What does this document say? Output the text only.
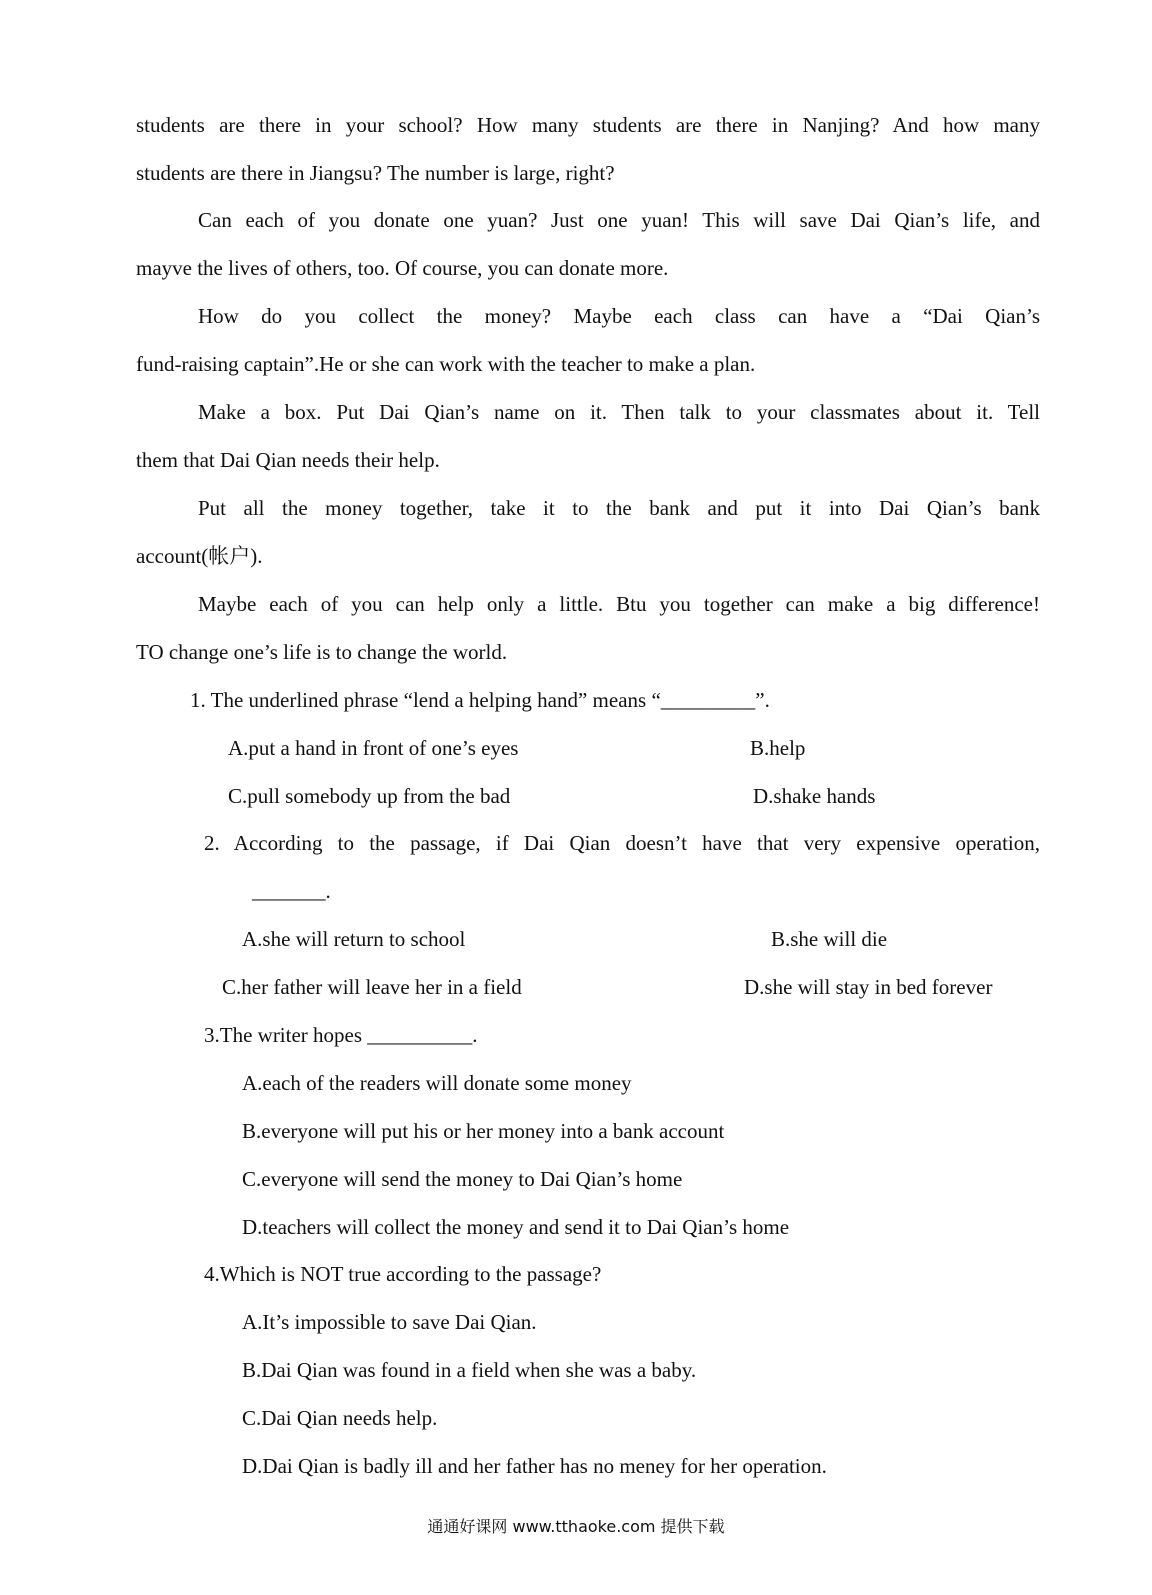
students are there in your school? How many students are there in Nanjing? And how many
students are there in Jiangsu? The number is large, right?
Can each of you donate one yuan? Just one yuan! This will save Dai Qian’s life, and
mayve the lives of others, too. Of course, you can donate more.
How do you collect the money? Maybe each class can have a “Dai Qian’s
fund-raising captain”.He or she can work with the teacher to make a plan.
Make a box. Put Dai Qian’s name on it. Then talk to your classmates about it. Tell
them that Dai Qian needs their help.
Put all the money together, take it to the bank and put it into Dai Qian’s bank
account(帐户).
Maybe each of you can help only a little. Btu you together can make a big difference!
TO change one’s life is to change the world.
1. The underlined phrase “lend a helping hand” means “_________”.
A.put a hand in front of one’s eyes	B.help
C.pull somebody up from the bad	D.shake hands
2. According to the passage, if Dai Qian doesn’t have that very expensive operation,
_______.
A.she will return to school	B.she will die
C.her father will leave her in a field	D.she will stay in bed forever
3.The writer hopes __________.
A.each of the readers will donate some money
B.everyone will put his or her money into a bank account
C.everyone will send the money to Dai Qian’s home
D.teachers will collect the money and send it to Dai Qian’s home
4.Which is NOT true according to the passage?
A.It’s impossible to save Dai Qian.
B.Dai Qian was found in a field when she was a baby.
C.Dai Qian needs help.
D.Dai Qian is badly ill and her father has no meney for her operation.
通通好课网 www.tthaoke.com 提供下载
